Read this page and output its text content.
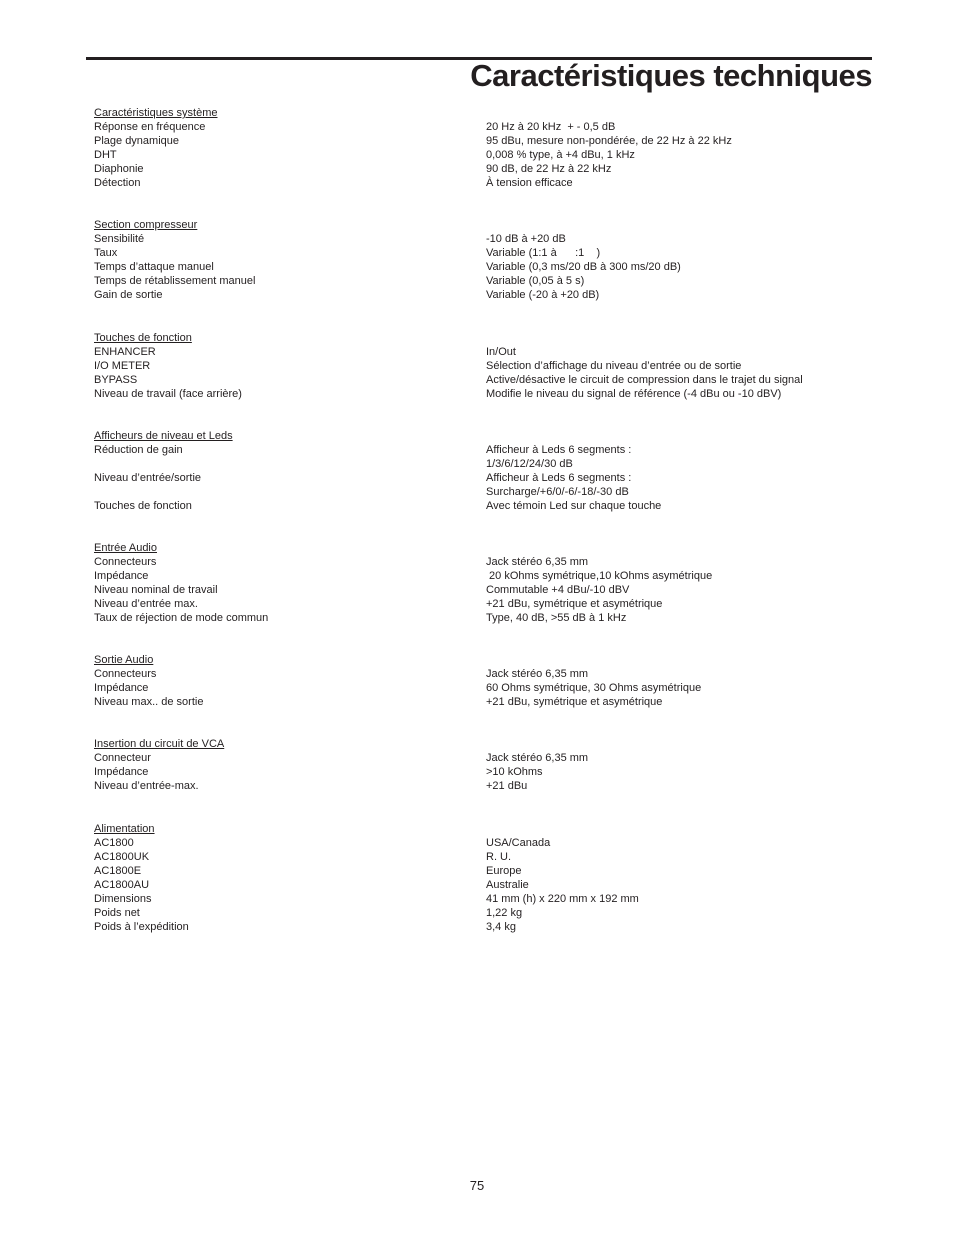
Caractéristiques techniques
Caractéristiques système
Réponse en fréquence	20 Hz à 20 kHz  + - 0,5 dB
Plage dynamique	95 dBu, mesure non-pondérée, de 22 Hz à 22 kHz
DHT	0,008 % type, à +4 dBu, 1 kHz
Diaphonie	90 dB, de 22 Hz à 22 kHz
Détection	À tension efficace
Section compresseur
Sensibilité	-10 dB à +20 dB
Taux	Variable (1:1 à      :1    )
Temps d’attaque manuel	Variable (0,3 ms/20 dB à 300 ms/20 dB)
Temps de rétablissement manuel	Variable (0,05 à 5 s)
Gain de sortie	Variable (-20 à +20 dB)
Touches de fonction
ENHANCER	In/Out
I/O METER	Sélection d’affichage du niveau d’entrée ou de sortie
BYPASS	Active/désactive le circuit de compression dans le trajet du signal
Niveau de travail (face arrière)	Modifie le niveau du signal de référence (-4 dBu ou -10 dBV)
Afficheurs de niveau et Leds
Réduction de gain	Afficheur à Leds 6 segments :
1/3/6/12/24/30 dB
Niveau d’entrée/sortie	Afficheur à Leds 6 segments :
Surcharge/+6/0/-6/-18/-30 dB
Touches de fonction	Avec témoin Led sur chaque touche
Entrée Audio
Connecteurs	Jack stéréo 6,35 mm
Impédance	20 kOhms symétrique,10 kOhms asymétrique
Niveau nominal de travail	Commutable +4 dBu/-10 dBV
Niveau d’entrée max.	+21 dBu, symétrique et asymétrique
Taux de réjection de mode commun	Type, 40 dB, >55 dB à 1 kHz
Sortie Audio
Connecteurs	Jack stéréo 6,35 mm
Impédance	60 Ohms symétrique, 30 Ohms asymétrique
Niveau max.. de sortie	+21 dBu, symétrique et asymétrique
Insertion du circuit de VCA
Connecteur	Jack stéréo 6,35 mm
Impédance	>10 kOhms
Niveau d’entrée-max.	+21 dBu
Alimentation
AC1800	USA/Canada
AC1800UK	R. U.
AC1800E	Europe
AC1800AU	Australie
Dimensions	41 mm (h) x 220 mm x 192 mm
Poids net	1,22 kg
Poids à l’expédition	3,4 kg
75
